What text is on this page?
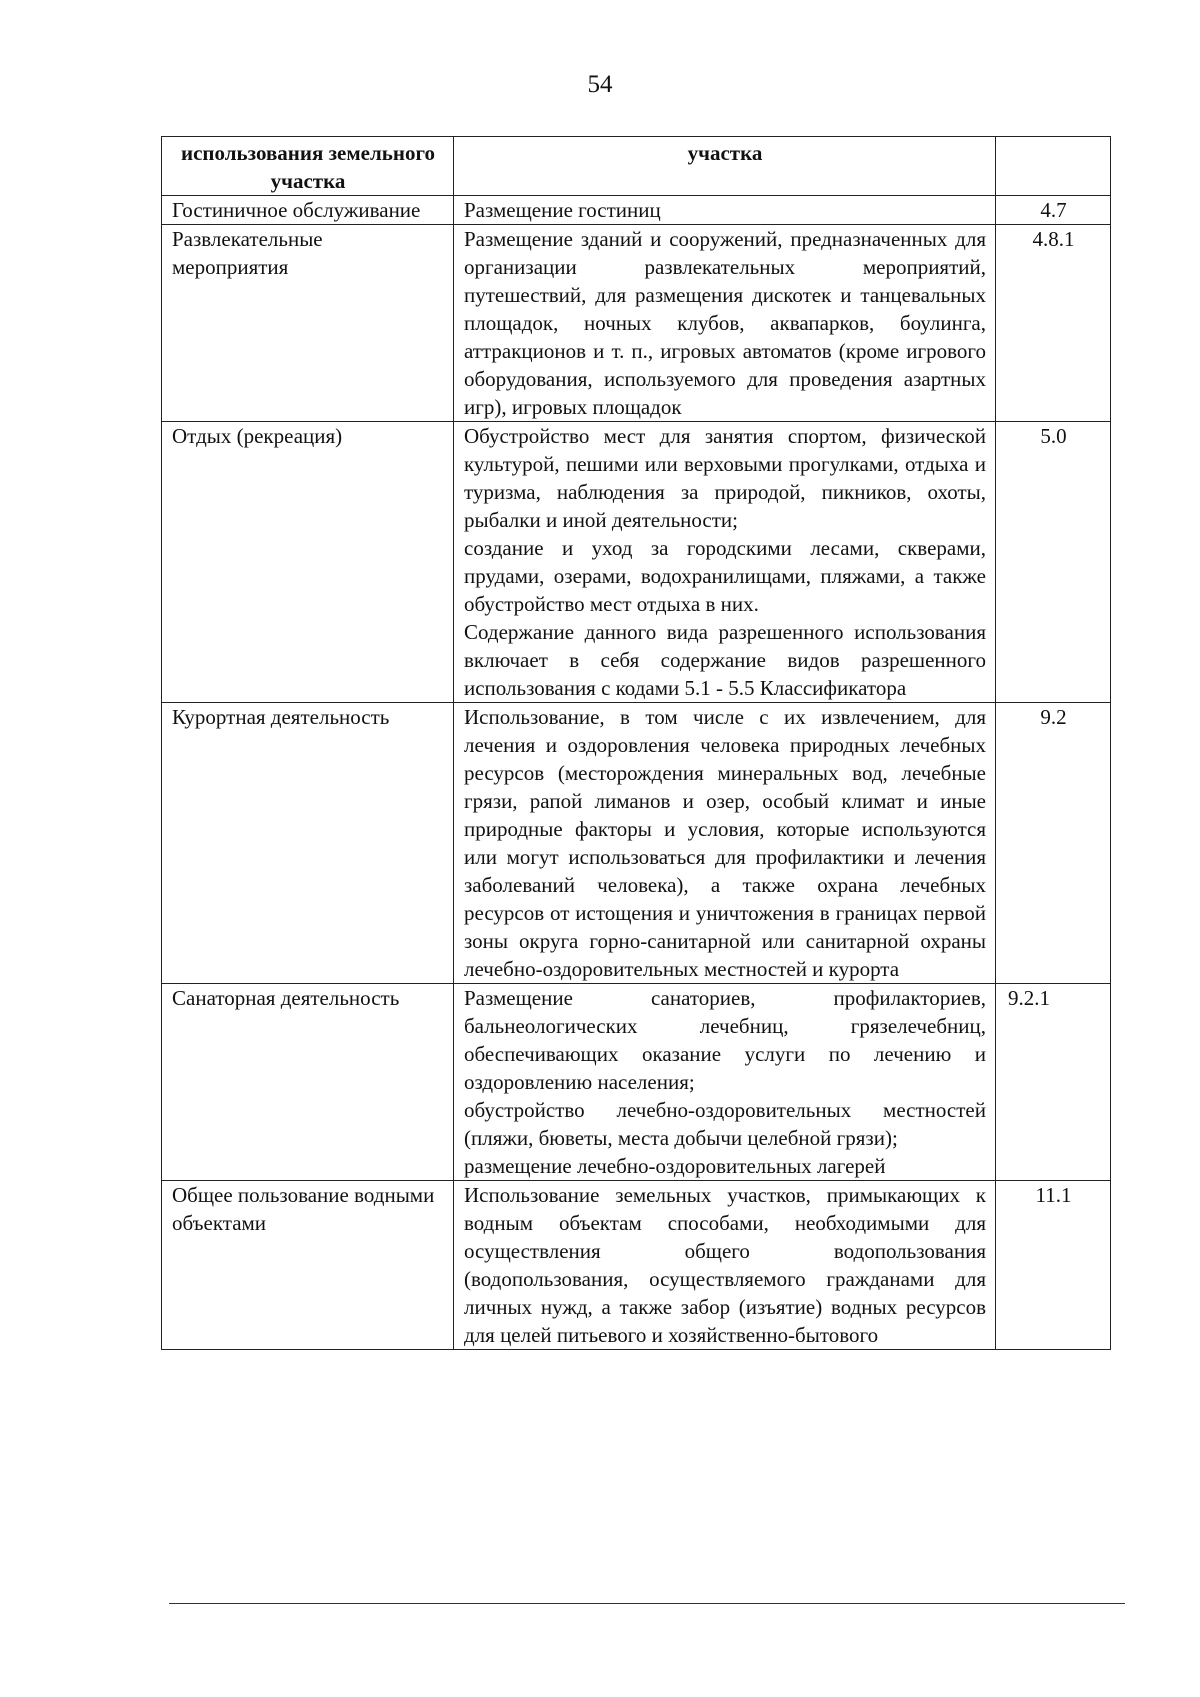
54
использования земельного участка	участка	
Гостиничное обслуживание	Размещение гостиниц	4.7
Развлекательные мероприятия	Размещение зданий и сооружений, предназначенных для организации развлекательных мероприятий, путешествий, для размещения дискотек и танцевальных площадок, ночных клубов, аквапарков, боулинга, аттракционов и т. п., игровых автоматов (кроме игрового оборудования, используемого для проведения азартных игр), игровых площадок	4.8.1
Отдых (рекреация)	Обустройство мест для занятия спортом, физической культурой, пешими или верховыми прогулками, отдыха и туризма, наблюдения за природой, пикников, охоты, рыбалки и иной деятельности;
создание и уход за городскими лесами, скверами, прудами, озерами, водохранилищами, пляжами, а также обустройство мест отдыха в них.
Содержание данного вида разрешенного использования включает в себя содержание видов разрешенного использования с кодами 5.1 - 5.5 Классификатора	5.0
Курортная деятельность	Использование, в том числе с их извлечением, для лечения и оздоровления человека природных лечебных ресурсов (месторождения минеральных вод, лечебные грязи, рапой лиманов и озер, особый климат и иные природные факторы и условия, которые используются или могут использоваться для профилактики и лечения заболеваний человека), а также охрана лечебных ресурсов от истощения и уничтожения в границах первой зоны округа горно-санитарной или санитарной охраны лечебно-оздоровительных местностей и курорта	9.2
Санаторная деятельность	Размещение санаториев, профилакториев, бальнеологических лечебниц, грязелечебниц, обеспечивающих оказание услуги по лечению и оздоровлению населения;
обустройство лечебно-оздоровительных местностей (пляжи, бюветы, места добычи целебной грязи);
размещение лечебно-оздоровительных лагерей	9.2.1
Общее пользование водными объектами	Использование земельных участков, примыкающих к водным объектам способами, необходимыми для осуществления общего водопользования (водопользования, осуществляемого гражданами для личных нужд, а также забор (изъятие) водных ресурсов для целей питьевого и хозяйственно-бытового	11.1
